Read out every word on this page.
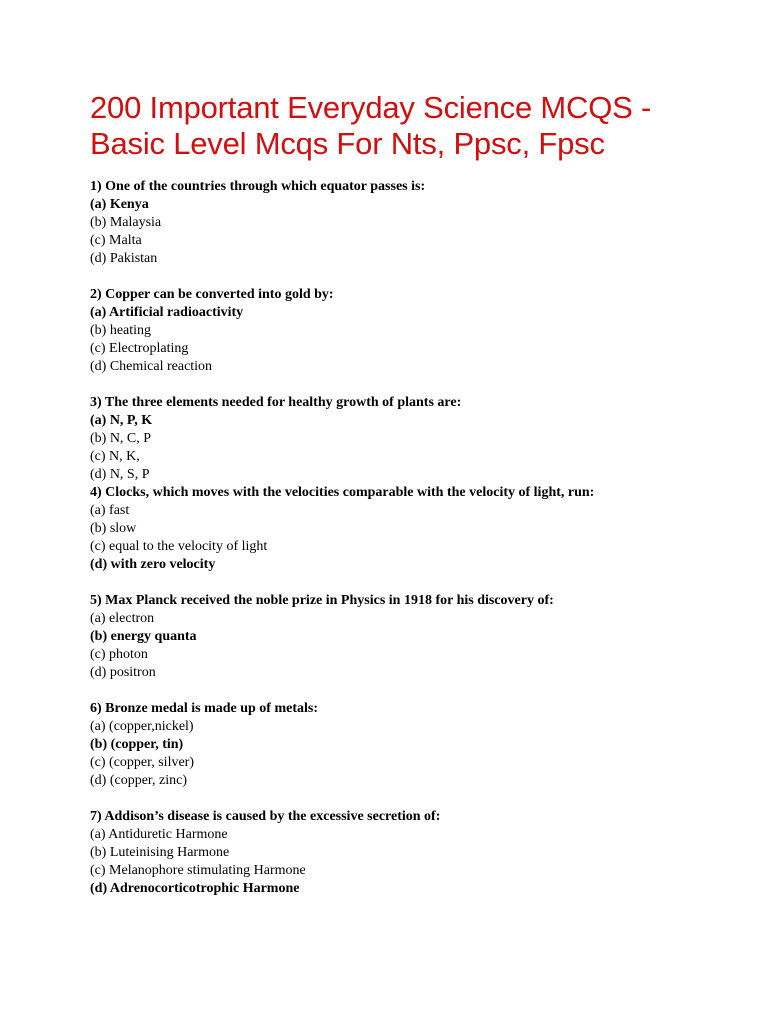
200 Important Everyday Science MCQS -
Basic Level Mcqs For Nts, Ppsc, Fpsc
1) One of the countries through which equator passes is:
(a) Kenya
(b) Malaysia
(c) Malta
(d) Pakistan
2) Copper can be converted into gold by:
(a) Artificial radioactivity
(b) heating
(c) Electroplating
(d) Chemical reaction
3) The three elements needed for healthy growth of plants are:
(a) N, P, K
(b) N, C, P
(c) N, K,
(d) N, S, P
4) Clocks, which moves with the velocities comparable with the velocity of light, run:
(a) fast
(b) slow
(c) equal to the velocity of light
(d) with zero velocity
5) Max Planck received the noble prize in Physics in 1918 for his discovery of:
(a) electron
(b) energy quanta
(c) photon
(d) positron
6) Bronze medal is made up of metals:
(a) (copper,nickel)
(b) (copper, tin)
(c) (copper, silver)
(d) (copper, zinc)
7) Addison’s disease is caused by the excessive secretion of:
(a) Antiduretic Harmone
(b) Luteinising Harmone
(c) Melanophore stimulating Harmone
(d) Adrenocorticotrophic Harmone
